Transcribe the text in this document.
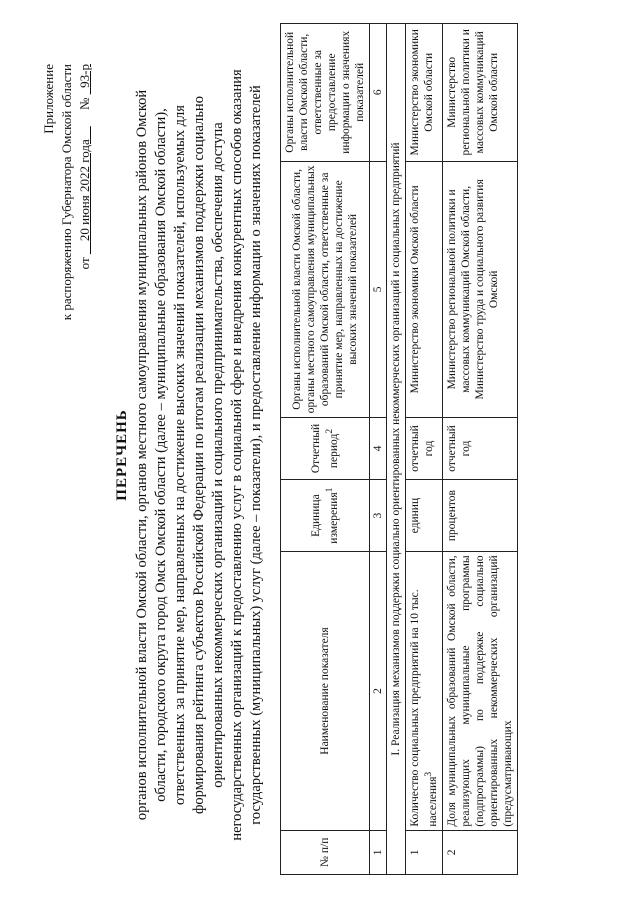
Приложение к распоряжению Губернатора Омской области от     20 июня 2022 года         №   93-р
ПЕРЕЧЕНЬ органов исполнительной власти Омской области, органов местного самоуправления муниципальных районов Омской области, городского округа город Омск Омской области (далее – муниципальные образования Омской области), ответственных за принятие мер, направленных на достижение высоких значений показателей, используемых для формирования рейтинга субъектов Российской Федерации по итогам реализации механизмов поддержки социально ориентированных некоммерческих организаций и социального предпринимательства, обеспечения доступа негосударственных организаций к предоставлению услуг в социальной сфере и внедрения конкурентных способов оказания государственных (муниципальных) услуг (далее – показатели), и предоставление информации о значениях показателей
№ п/п	Наименование показателя	Единица измерения$^1$	Отчетный период$^2$	Органы исполнительной власти Омской области, органы местного самоуправления муниципальных образований Омской области, ответственные за принятие мер, направленных на достижение высоких значений показателей	Органы исполнительной власти Омской области, ответственные за предоставление информации о значениях показателей
1	2	3	4	5	6
I. Реализация механизмов поддержки социально ориентированных некоммерческих организаций и социальных предприятий					
1	Количество социальных предприятий на 10 тыс. населения$^3$	единиц	отчетный год	Министерство экономики Омской области	Министерство экономики Омской области
2	Доля муниципальных образований Омской области, реализующих муниципальные программы (подпрограммы) по поддержке социально ориентированных некоммерческих организаций (предусматривающих	процентов	отчетный год	Министерство региональной политики и массовых коммуникаций Омской области, Министерство труда и социального развития Омской	Министерство региональной политики и массовых коммуникаций Омской области
